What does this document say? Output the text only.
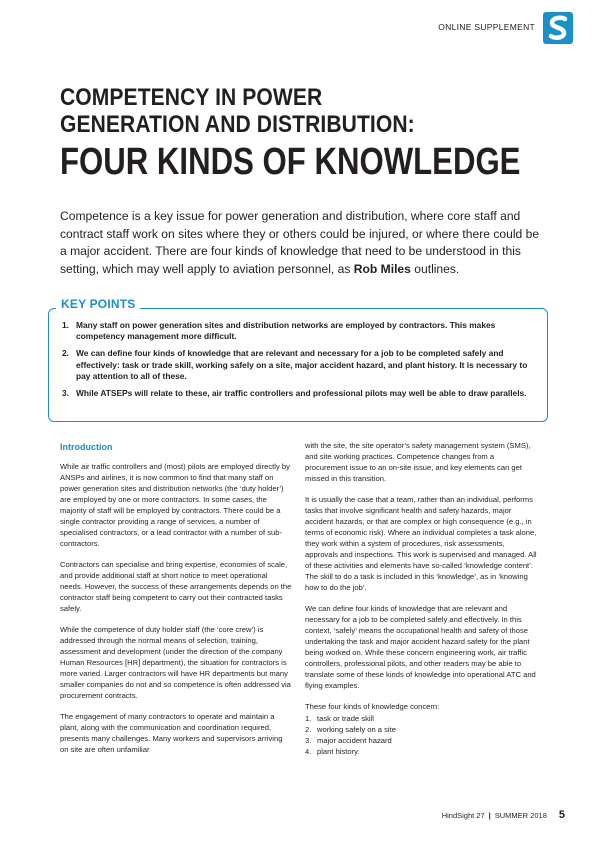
ONLINE SUPPLEMENT
COMPETENCY IN POWER
GENERATION AND DISTRIBUTION:
FOUR KINDS OF KNOWLEDGE
Competence is a key issue for power generation and distribution, where core staff and contract staff work on sites where they or others could be injured, or where there could be a major accident. There are four kinds of knowledge that need to be understood in this setting, which may well apply to aviation personnel, as Rob Miles outlines.
KEY POINTS
1. Many staff on power generation sites and distribution networks are employed by contractors. This makes competency management more difficult.
2. We can define four kinds of knowledge that are relevant and necessary for a job to be completed safely and effectively: task or trade skill, working safely on a site, major accident hazard, and plant history. It is necessary to pay attention to all of these.
3. While ATSEPs will relate to these, air traffic controllers and professional pilots may well be able to draw parallels.
Introduction

While air traffic controllers and (most) pilots are employed directly by ANSPs and airlines, it is now common to find that many staff on power generation sites and distribution networks (the ‘duty holder’) are employed by one or more contractors. In some cases, the majority of staff will be employed by contractors. There could be a single contractor providing a range of services, a number of specialised contractors, or a lead contractor with a number of sub-contractors.

Contractors can specialise and bring expertise, economies of scale, and provide additional staff at short notice to meet operational needs. However, the success of these arrangements depends on the contractor staff being competent to carry out their contracted tasks safely.

While the competence of duty holder staff (the ‘core crew’) is addressed through the normal means of selection, training, assessment and development (under the direction of the company Human Resources [HR] department), the situation for contractors is more varied. Larger contractors will have HR departments but many smaller companies do not and so competence is often addressed via procurement contracts.

The engagement of many contractors to operate and maintain a plant, along with the communication and coordination required, presents many challenges. Many workers and supervisors arriving on site are often unfamiliar

with the site, the site operator’s safety management system (SMS), and site working practices. Competence changes from a procurement issue to an on-site issue, and key elements can get missed in this transition.

It is usually the case that a team, rather than an individual, performs tasks that involve significant health and safety hazards, major accident hazards, or that are complex or high consequence (e.g., in terms of economic risk). Where an individual completes a task alone, they work within a system of procedures, risk assessments, approvals and inspections. This work is supervised and managed. All of these activities and elements have so-called ‘knowledge content’. The skill to do a task is included in this ‘knowledge’, as in ‘knowing how to do the job’.

We can define four kinds of knowledge that are relevant and necessary for a job to be completed safely and effectively. In this context, ‘safely’ means the occupational health and safety of those undertaking the task and major accident hazard safety for the plant being worked on. While these concern engineering work, air traffic controllers, professional pilots, and other readers may be able to translate some of these kinds of knowledge into operational ATC and flying examples.

These four kinds of knowledge concern:

1. task or trade skill
2. working safely on a site
3. major accident hazard
4. plant history.
HindSight 27 | SUMMER 2018 5
